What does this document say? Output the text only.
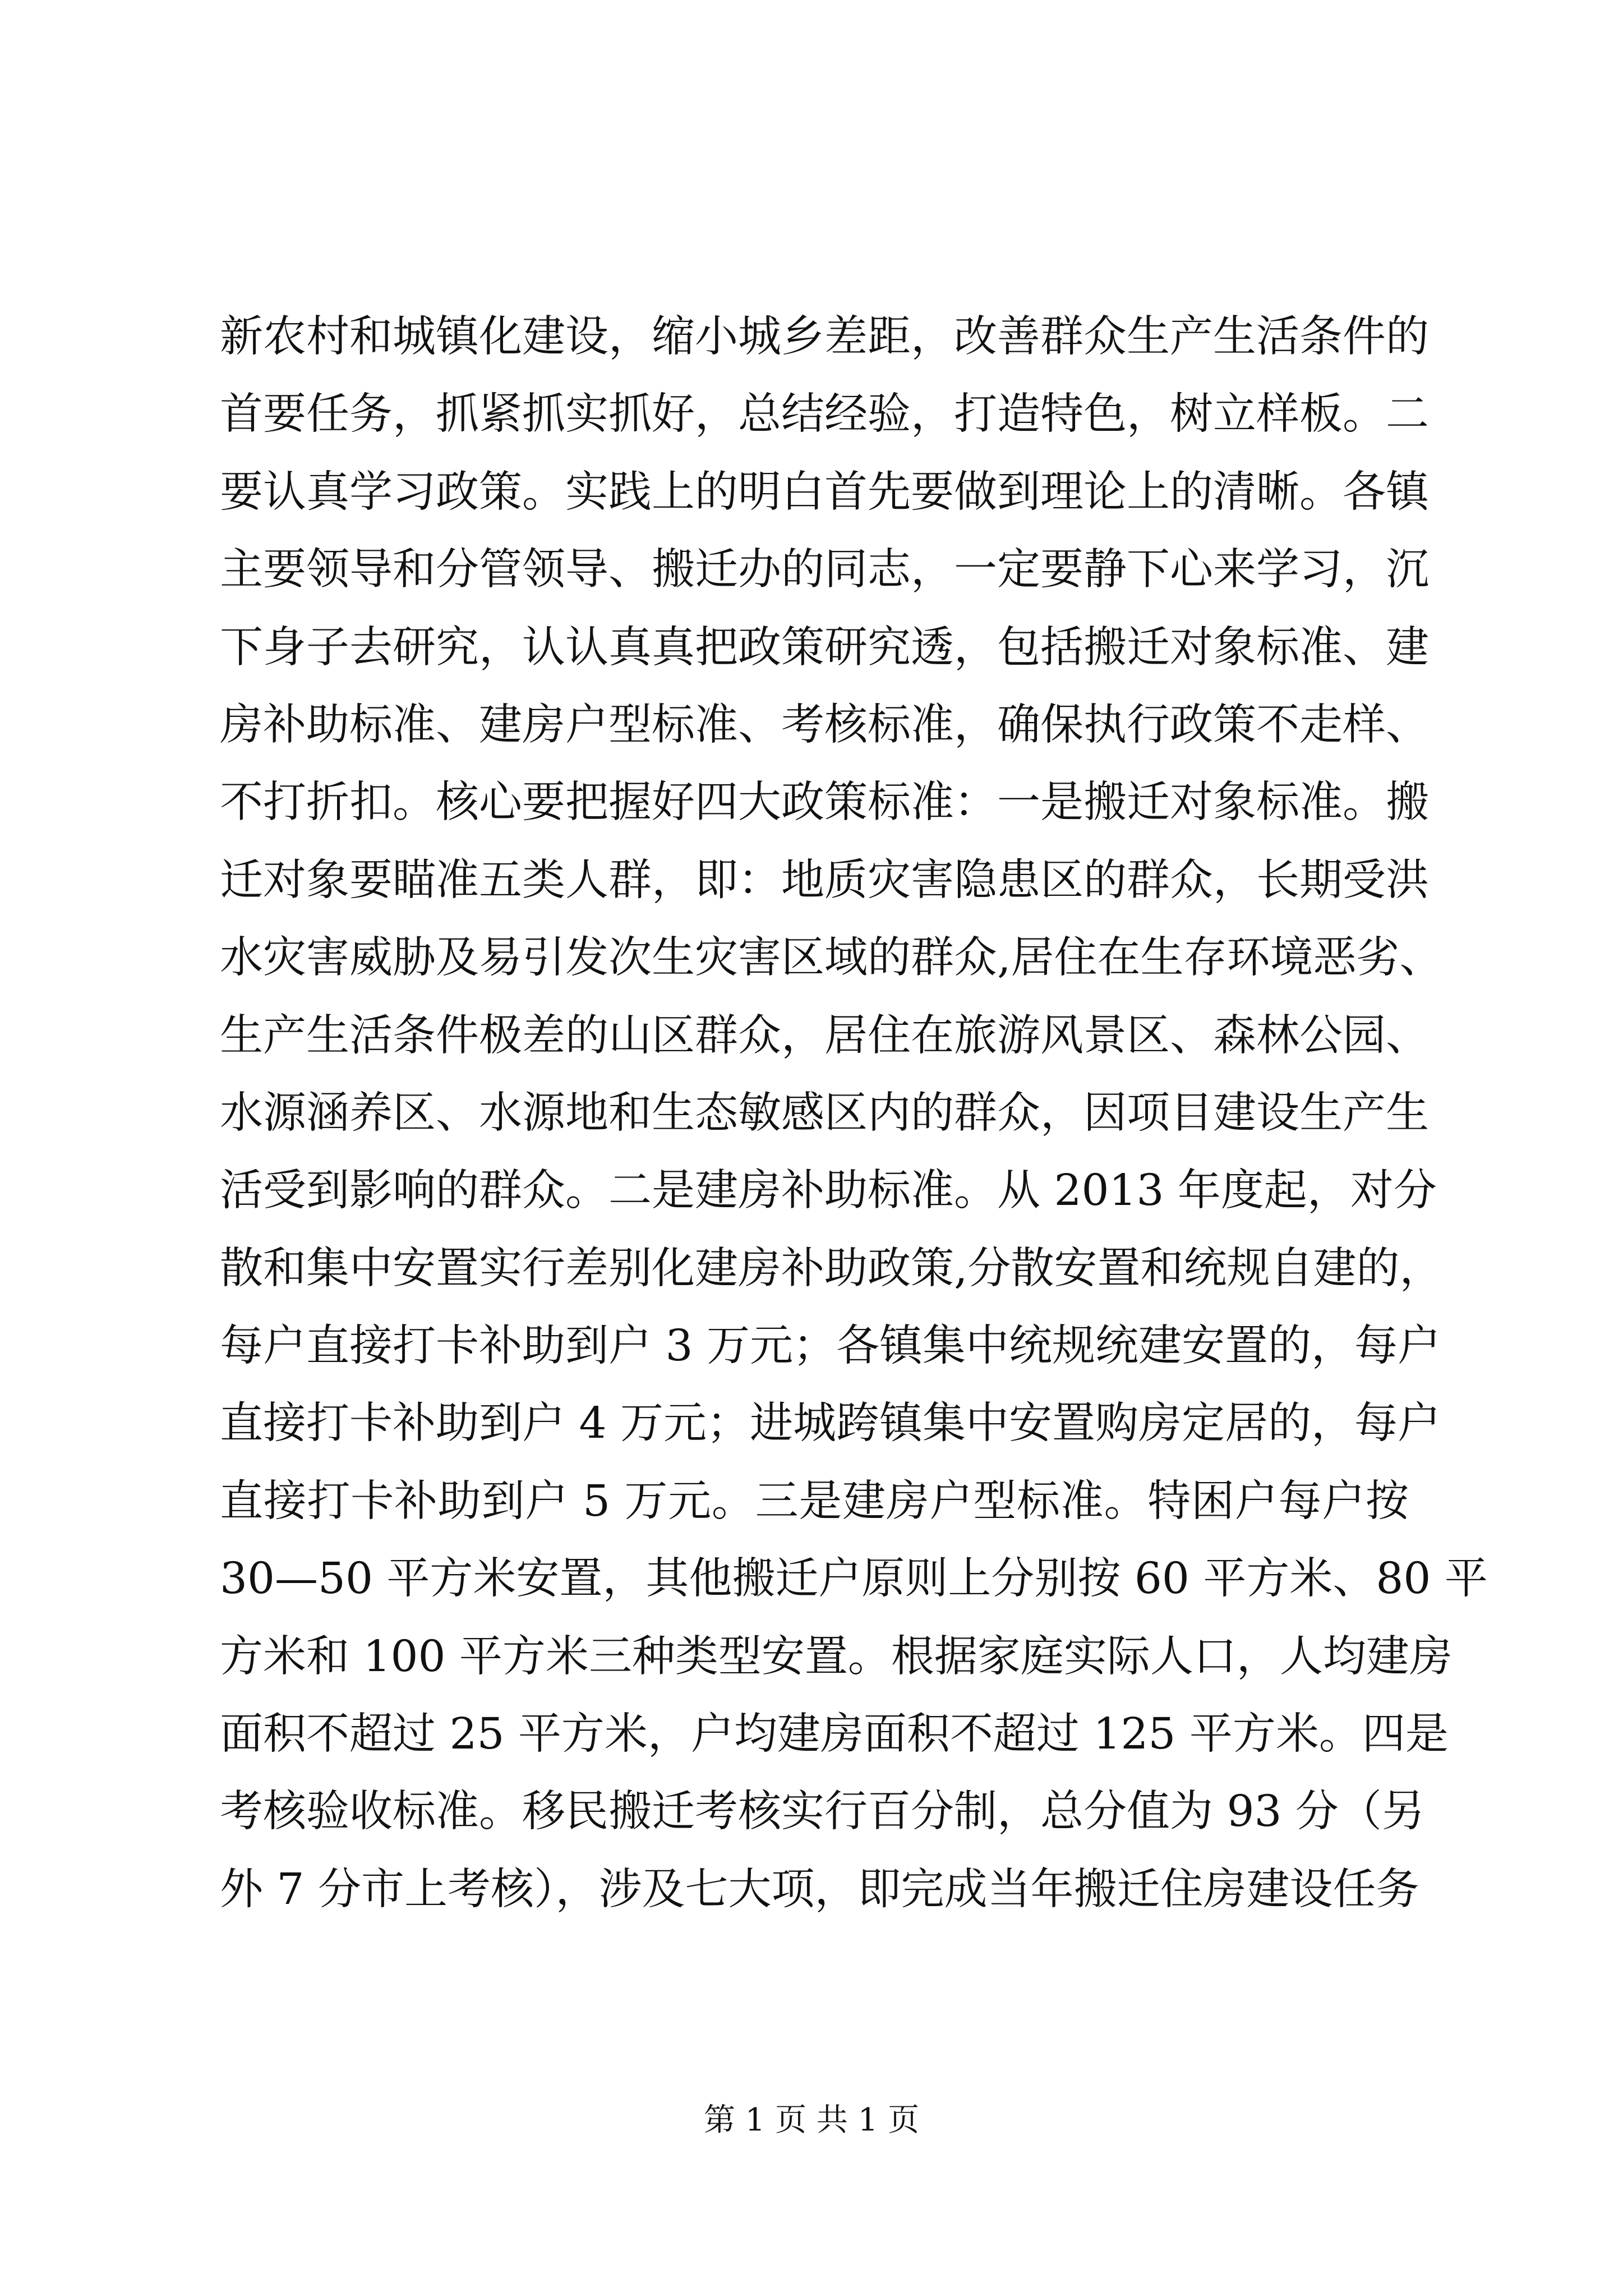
新农村和城镇化建设，缩小城乡差距，改善群众生产生活条件的
首要任务，抓紧抓实抓好，总结经验，打造特色，树立样板。二
要认真学习政策。实践上的明白首先要做到理论上的清晰。各镇
主要领导和分管领导、搬迁办的同志，一定要静下心来学习，沉
下身子去研究，认认真真把政策研究透，包括搬迁对象标准、建
房补助标准、建房户型标准、考核标准，确保执行政策不走样、
不打折扣。核心要把握好四大政策标准：一是搬迁对象标准。搬
迁对象要瞄准五类人群，即：地质灾害隐患区的群众，长期受洪
水灾害威胁及易引发次生灾害区域的群众,居住在生存环境恶劣、
生产生活条件极差的山区群众，居住在旅游风景区、森林公园、
水源涵养区、水源地和生态敏感区内的群众，因项目建设生产生
活受到影响的群众。二是建房补助标准。从 2013 年度起，对分
散和集中安置实行差别化建房补助政策,分散安置和统规自建的，
每户直接打卡补助到户 3 万元；各镇集中统规统建安置的，每户
直接打卡补助到户 4 万元；进城跨镇集中安置购房定居的，每户
直接打卡补助到户 5 万元。三是建房户型标准。特困户每户按
30—50 平方米安置，其他搬迁户原则上分别按 60 平方米、80 平
方米和 100 平方米三种类型安置。根据家庭实际人口，人均建房
面积不超过 25 平方米，户均建房面积不超过 125 平方米。四是
考核验收标准。移民搬迁考核实行百分制，总分值为 93 分（另
外 7 分市上考核），涉及七大项，即完成当年搬迁住房建设任务
第 1 页 共 1 页
